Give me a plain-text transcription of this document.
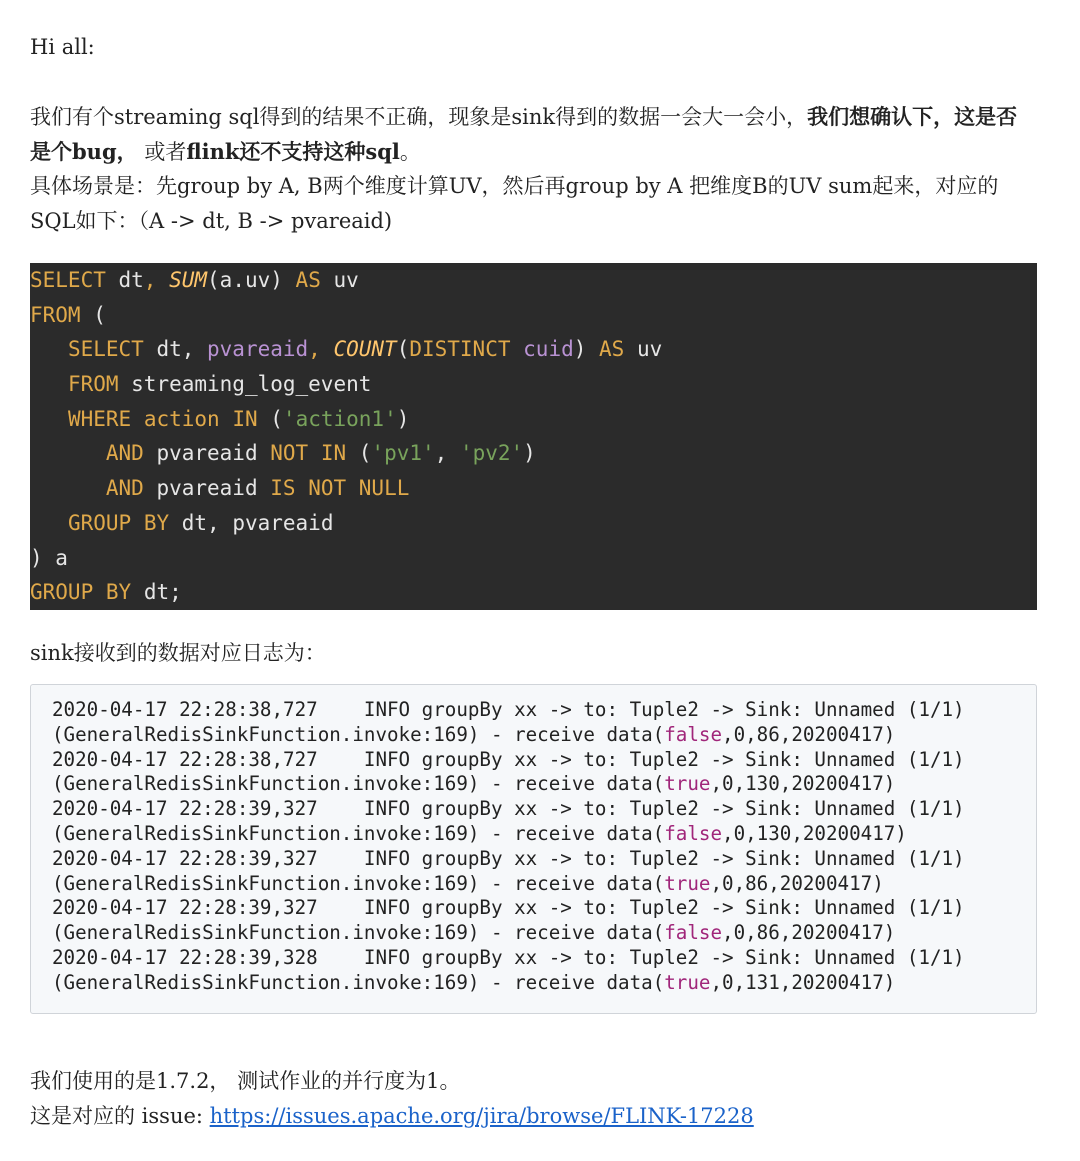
Hi all:

我们有个streaming sql得到的结果不正确，现象是sink得到的数据一会大一会小，我们想确认下，这是否是个bug， 或者flink还不支持这种sql。
具体场景是：先group by A, B两个维度计算UV，然后再group by A 把维度B的UV sum起来，对应的SQL如下：（A -> dt, B -> pvareaid)

SELECT dt, SUM(a.uv) AS uv
FROM (
SELECT dt, pvareaid, COUNT(DISTINCT cuid) AS uv
FROM streaming_log_event
WHERE action IN ('action1')
AND pvareaid NOT IN ('pv1', 'pv2')
AND pvareaid IS NOT NULL
GROUP BY dt, pvareaid
) a
GROUP BY dt;

sink接收到的数据对应日志为：

2020-04-17 22:28:38,727    INFO groupBy xx -> to: Tuple2 -> Sink: Unnamed (1/1)
(GeneralRedisSinkFunction.invoke:169) - receive data(false,0,86,20200417)
2020-04-17 22:28:38,727    INFO groupBy xx -> to: Tuple2 -> Sink: Unnamed (1/1)
(GeneralRedisSinkFunction.invoke:169) - receive data(true,0,130,20200417)
2020-04-17 22:28:39,327    INFO groupBy xx -> to: Tuple2 -> Sink: Unnamed (1/1)
(GeneralRedisSinkFunction.invoke:169) - receive data(false,0,130,20200417)
2020-04-17 22:28:39,327    INFO groupBy xx -> to: Tuple2 -> Sink: Unnamed (1/1)
(GeneralRedisSinkFunction.invoke:169) - receive data(true,0,86,20200417)
2020-04-17 22:28:39,327    INFO groupBy xx -> to: Tuple2 -> Sink: Unnamed (1/1)
(GeneralRedisSinkFunction.invoke:169) - receive data(false,0,86,20200417)
2020-04-17 22:28:39,328    INFO groupBy xx -> to: Tuple2 -> Sink: Unnamed (1/1)
(GeneralRedisSinkFunction.invoke:169) - receive data(true,0,131,20200417)

我们使用的是1.7.2， 测试作业的并行度为1。

这是对应的 issue: https://issues.apache.org/jira/browse/FLINK-17228
